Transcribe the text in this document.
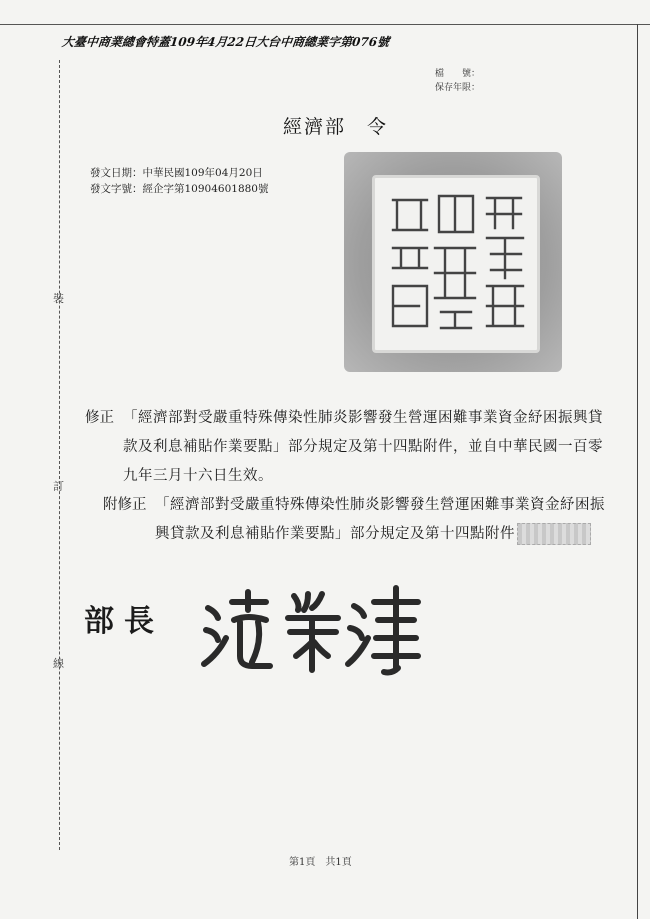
裝
訂
線
大臺中商業總會特蓋109年4月22日大台中商總業字第076號
檔　　號：
保存年限：
經濟部　令
發文日期：中華民國109年04月20日
發文字號：經企字第10904601880號
修正 「經濟部對受嚴重特殊傳染性肺炎影響發生營運困難事業資金紓困振興貸款及利息補貼作業要點」部分規定及第十四點附件，並自中華民國一百零九年三月十六日生效。
附修正 「經濟部對受嚴重特殊傳染性肺炎影響發生營運困難事業資金紓困振興貸款及利息補貼作業要點」部分規定及第十四點附件
部長
第1頁　共1頁
